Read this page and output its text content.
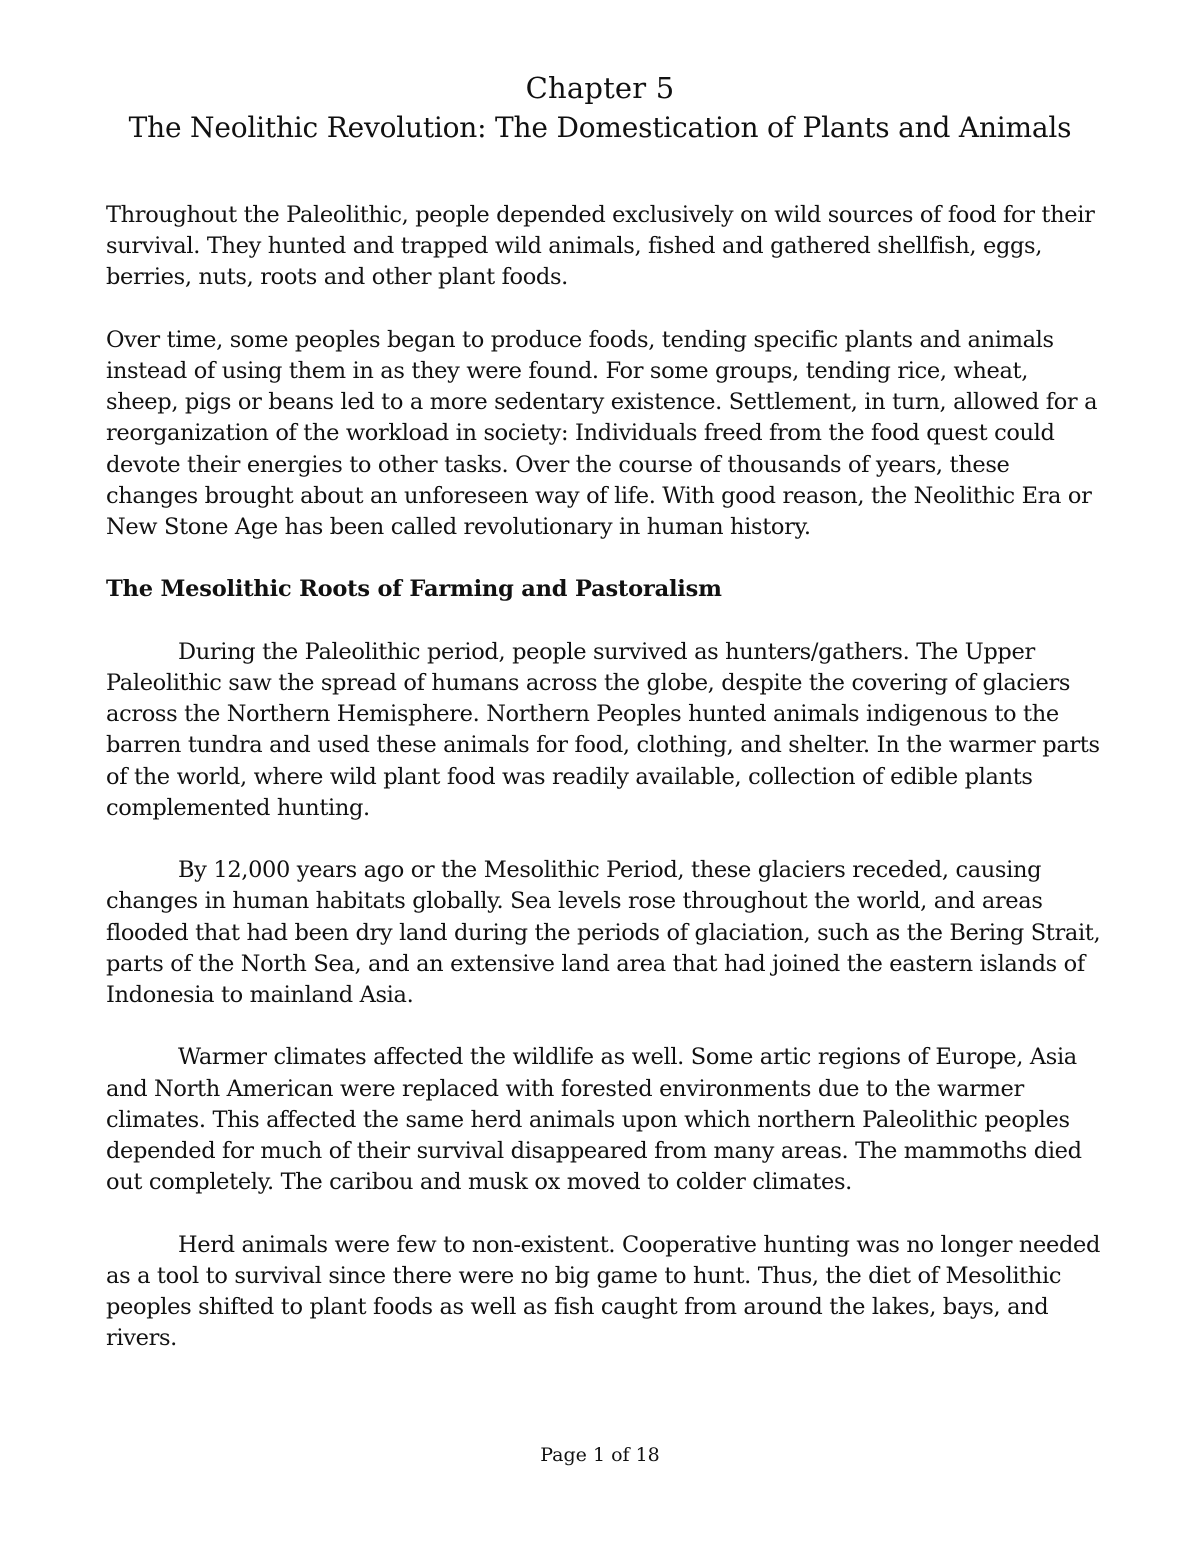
Chapter 5
The Neolithic Revolution: The Domestication of Plants and Animals

Throughout the Paleolithic, people depended exclusively on wild sources of food for their survival. They hunted and trapped wild animals, fished and gathered shellfish, eggs, berries, nuts, roots and other plant foods.

Over time, some peoples began to produce foods, tending specific plants and animals instead of using them in as they were found. For some groups, tending rice, wheat, sheep, pigs or beans led to a more sedentary existence. Settlement, in turn, allowed for a reorganization of the workload in society: Individuals freed from the food quest could devote their energies to other tasks. Over the course of thousands of years, these changes brought about an unforeseen way of life. With good reason, the Neolithic Era or New Stone Age has been called revolutionary in human history.

The Mesolithic Roots of Farming and Pastoralism

During the Paleolithic period, people survived as hunters/gathers. The Upper Paleolithic saw the spread of humans across the globe, despite the covering of glaciers across the Northern Hemisphere. Northern Peoples hunted animals indigenous to the barren tundra and used these animals for food, clothing, and shelter. In the warmer parts of the world, where wild plant food was readily available, collection of edible plants complemented hunting.

By 12,000 years ago or the Mesolithic Period, these glaciers receded, causing changes in human habitats globally. Sea levels rose throughout the world, and areas flooded that had been dry land during the periods of glaciation, such as the Bering Strait, parts of the North Sea, and an extensive land area that had joined the eastern islands of Indonesia to mainland Asia.

Warmer climates affected the wildlife as well. Some artic regions of Europe, Asia and North American were replaced with forested environments due to the warmer climates. This affected the same herd animals upon which northern Paleolithic peoples depended for much of their survival disappeared from many areas. The mammoths died out completely. The caribou and musk ox moved to colder climates.

Herd animals were few to non-existent. Cooperative hunting was no longer needed as a tool to survival since there were no big game to hunt. Thus, the diet of Mesolithic peoples shifted to plant foods as well as fish caught from around the lakes, bays, and rivers.

Page 1 of 18
